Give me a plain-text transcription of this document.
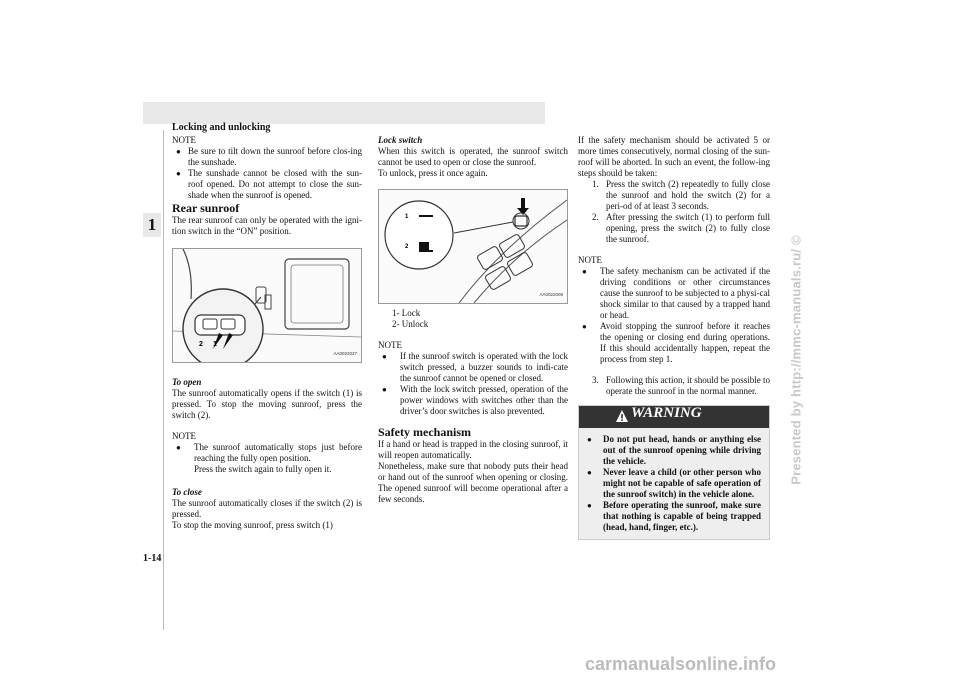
Locking and unlocking
1
1-14
Presented by http://mmc-manuals.ru/ ©
carmanualsonline.info

NOTE

● Be sure to tilt down the sunroof before clos-ing the sunshade.

● The sunshade cannot be closed with the sun-roof opened. Do not attempt to close the sun-shade when the sunroof is opened.

Rear sunroof

The rear sunroof can only be operated with the igni-tion switch in the “ON” position.

2 1
AA0022037

To open

The sunroof automatically opens if the switch (1) is pressed. To stop the moving sunroof, press the switch (2).

NOTE

● The sunroof automatically stops just before reaching the fully open position.

Press the switch again to fully open it.

To close

The sunroof automatically closes if the switch (2) is pressed.

To stop the moving sunroof, press switch (1)

Lock switch

When this switch is operated, the sunroof switch cannot be used to open or close the sunroof.

To unlock, press it once again.

1
2
AA0022008

1- Lock

2- Unlock

NOTE

● If the sunroof switch is operated with the lock switch pressed, a buzzer sounds to indi-cate the sunroof cannot be opened or closed.

● With the lock switch pressed, operation of the power windows with switches other than the driver’s door switches is also prevented.

Safety mechanism

If a hand or head is trapped in the closing sunroof, it will reopen automatically.

Nonetheless, make sure that nobody puts their head or hand out of the sunroof when opening or closing. The opened sunroof will become operational after a few seconds.

If the safety mechanism should be activated 5 or more times consecutively, normal closing of the sun-roof will be aborted. In such an event, the follow-ing steps should be taken:

1. Press the switch (2) repeatedly to fully close the sunroof and hold the switch (2) for a peri-od of at least 3 seconds.

2. After pressing the switch (1) to perform full opening, press the switch (2) to fully close the sunroof.

NOTE

● The safety mechanism can be activated if the driving conditions or other circumstances cause the sunroof to be subjected to a physi-cal shock similar to that caused by a trapped hand or head.

● Avoid stopping the sunroof before it reaches the opening or closing end during operations. If this should accidentally happen, repeat the process from step 1.

3. Following this action, it should be possible to operate the sunroof in the normal manner.

WARNING

● Do not put head, hands or anything else out of the sunroof opening while driving the vehicle.

● Never leave a child (or other person who might not be capable of safe operation of the sunroof switch) in the vehicle alone.

● Before operating the sunroof, make sure that nothing is capable of being trapped (head, hand, finger, etc.).
